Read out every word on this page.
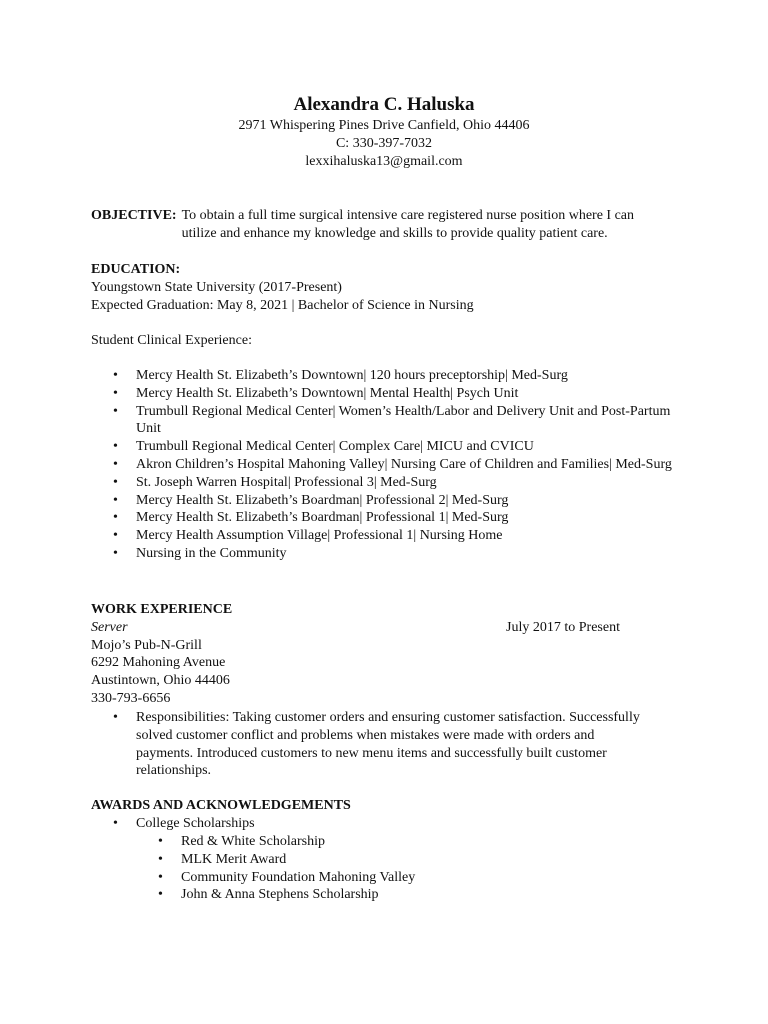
Alexandra C. Haluska
2971 Whispering Pines Drive Canfield, Ohio 44406
C: 330-397-7032
lexxihaluska13@gmail.com
OBJECTIVE: To obtain a full time surgical intensive care registered nurse position where I can
utilize and enhance my knowledge and skills to provide quality patient care.
EDUCATION:
Youngstown State University (2017-Present)
Expected Graduation: May 8, 2021 | Bachelor of Science in Nursing
Student Clinical Experience:
• Mercy Health St. Elizabeth’s Downtown| 120 hours preceptorship| Med-Surg
• Mercy Health St. Elizabeth’s Downtown| Mental Health| Psych Unit
• Trumbull Regional Medical Center| Women’s Health/Labor and Delivery Unit and Post-Partum Unit
• Trumbull Regional Medical Center| Complex Care| MICU and CVICU
• Akron Children’s Hospital Mahoning Valley| Nursing Care of Children and Families| Med-Surg
• St. Joseph Warren Hospital| Professional 3| Med-Surg
• Mercy Health St. Elizabeth’s Boardman| Professional 2| Med-Surg
• Mercy Health St. Elizabeth’s Boardman| Professional 1| Med-Surg
• Mercy Health Assumption Village| Professional 1| Nursing Home
• Nursing in the Community
WORK EXPERIENCE
Server	July 2017 to Present
Mojo’s Pub-N-Grill
6292 Mahoning Avenue
Austintown, Ohio 44406
330-793-6656
• Responsibilities: Taking customer orders and ensuring customer satisfaction. Successfully solved customer conflict and problems when mistakes were made with orders and payments. Introduced customers to new menu items and successfully built customer relationships.
AWARDS AND ACKNOWLEDGEMENTS
• College Scholarships
• Red & White Scholarship
• MLK Merit Award
• Community Foundation Mahoning Valley
• John & Anna Stephens Scholarship
